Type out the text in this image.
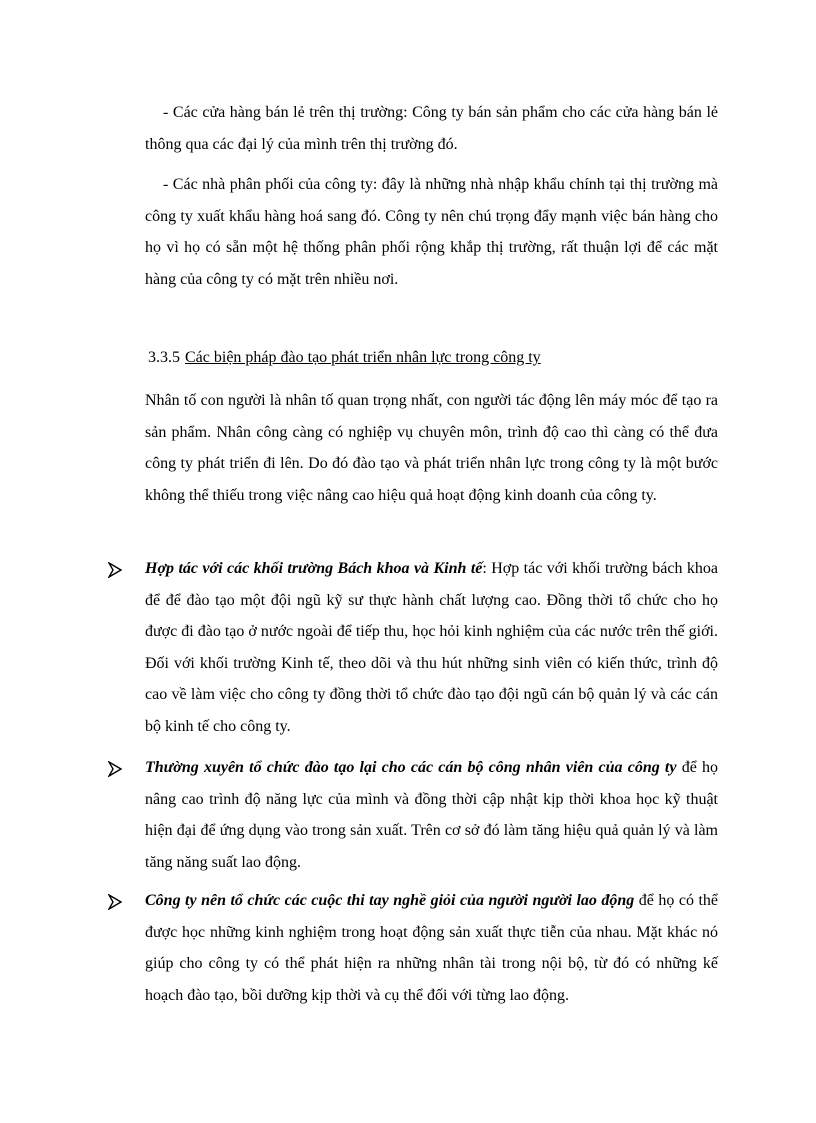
- Các cửa hàng bán lẻ trên thị trường: Công ty bán sản phẩm cho các cửa hàng bán lẻ thông qua các đại lý của mình trên thị trường đó.

- Các nhà phân phối của công ty: đây là những nhà nhập khẩu chính tại thị trường mà công ty xuất khẩu hàng hoá sang đó. Công ty nên chú trọng đẩy mạnh việc bán hàng cho họ vì họ có sẵn một hệ thống phân phối rộng khắp thị trường, rất thuận lợi để các mặt hàng của công ty có mặt trên nhiều nơi.

3.3.5 Các biện pháp đào tạo phát triển nhân lực trong công ty

Nhân tố con người là nhân tố quan trọng nhất, con người tác động lên máy móc để tạo ra sản phẩm. Nhân công càng có nghiệp vụ chuyên môn, trình độ cao thì càng có thể đưa công ty phát triển đi lên. Do đó đào tạo và phát triển nhân lực trong công ty là một bước không thể thiếu trong việc nâng cao hiệu quả hoạt động kinh doanh của công ty.

Hợp tác với các khối trường Bách khoa và Kinh tế: Hợp tác với khối trường bách khoa để để đào tạo một đội ngũ kỹ sư thực hành chất lượng cao. Đồng thời tổ chức cho họ được đi đào tạo ở nước ngoài để tiếp thu, học hỏi kinh nghiệm của các nước trên thế giới. Đối với khối trường Kinh tế, theo dõi và thu hút những sinh viên có kiến thức, trình độ cao về làm việc cho công ty đồng thời tổ chức đào tạo đội ngũ cán bộ quản lý và các cán bộ kinh tế cho công ty.

Thường xuyên tổ chức đào tạo lại cho các cán bộ công nhân viên của công ty để họ nâng cao trình độ năng lực của mình và đồng thời cập nhật kịp thời khoa học kỹ thuật hiện đại để ứng dụng vào trong sản xuất. Trên cơ sở đó làm tăng hiệu quả quản lý và làm tăng năng suất lao động.

Công ty nên tổ chức các cuộc thi tay nghề giỏi của người người lao động để họ có thể được học những kinh nghiệm trong hoạt động sản xuất thực tiễn của nhau. Mặt khác nó giúp cho công ty có thể phát hiện ra những nhân tài trong nội bộ, từ đó có những kế hoạch đào tạo, bồi dưỡng kịp thời và cụ thể đối với từng lao động.
